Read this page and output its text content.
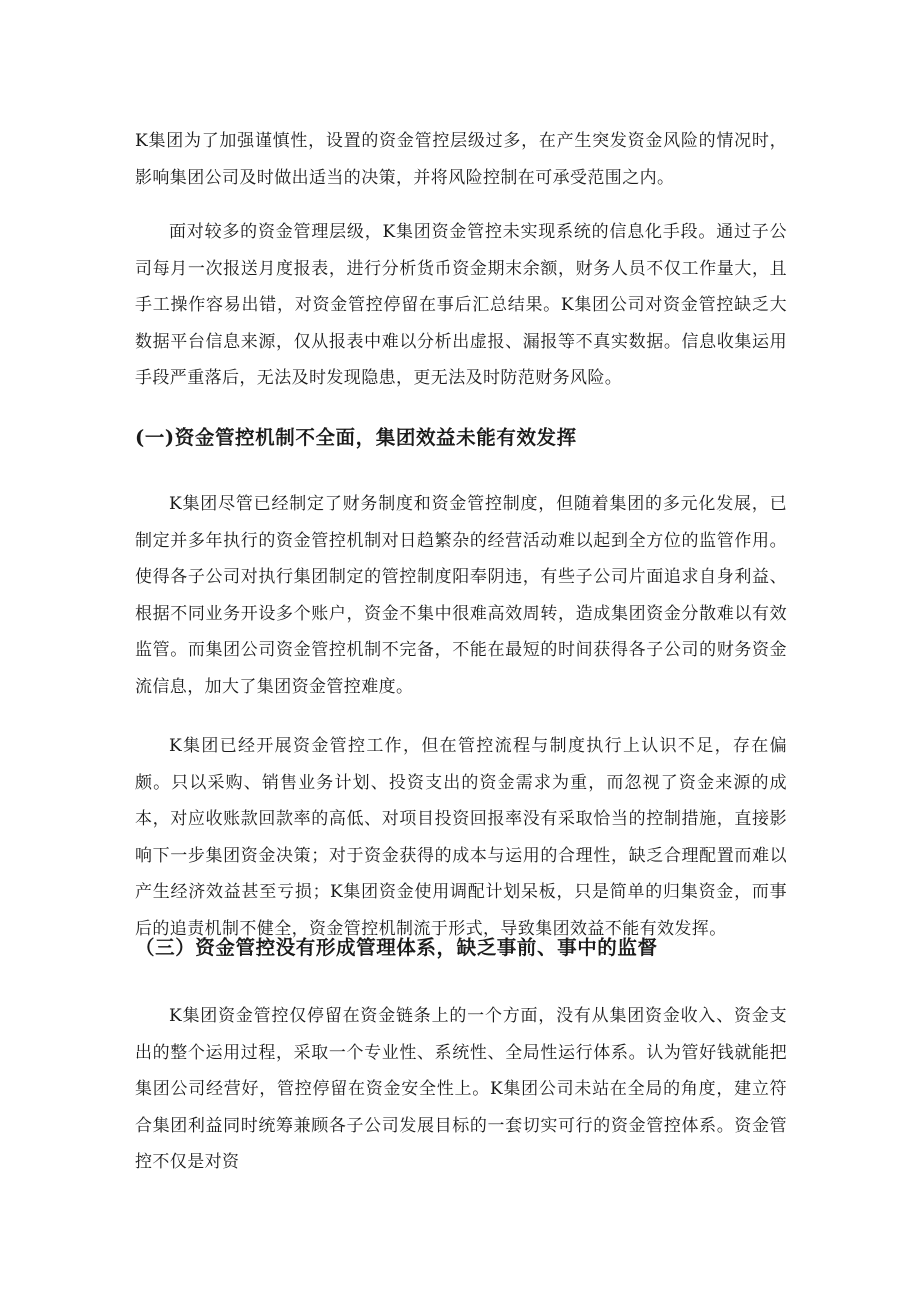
K集团为了加强谨慎性，设置的资金管控层级过多，在产生突发资金风险的情况时，影响集团公司及时做出适当的决策，并将风险控制在可承受范围之内。

面对较多的资金管理层级，K集团资金管控未实现系统的信息化手段。通过子公司每月一次报送月度报表，进行分析货币资金期末余额，财务人员不仅工作量大，且手工操作容易出错，对资金管控停留在事后汇总结果。K集团公司对资金管控缺乏大数据平台信息来源，仅从报表中难以分析出虚报、漏报等不真实数据。信息收集运用手段严重落后，无法及时发现隐患，更无法及时防范财务风险。

(一)资金管控机制不全面，集团效益未能有效发挥

K集团尽管已经制定了财务制度和资金管控制度，但随着集团的多元化发展，已制定并多年执行的资金管控机制对日趋繁杂的经营活动难以起到全方位的监管作用。使得各子公司对执行集团制定的管控制度阳奉阴违，有些子公司片面追求自身利益、根据不同业务开设多个账户，资金不集中很难高效周转，造成集团资金分散难以有效监管。而集团公司资金管控机制不完备，不能在最短的时间获得各子公司的财务资金流信息，加大了集团资金管控难度。

K集团已经开展资金管控工作，但在管控流程与制度执行上认识不足，存在偏颇。只以采购、销售业务计划、投资支出的资金需求为重，而忽视了资金来源的成本，对应收账款回款率的高低、对项目投资回报率没有采取恰当的控制措施，直接影响下一步集团资金决策；对于资金获得的成本与运用的合理性，缺乏合理配置而难以产生经济效益甚至亏损；K集团资金使用调配计划呆板，只是简单的归集资金，而事后的追责机制不健全，资金管控机制流于形式，导致集团效益不能有效发挥。

（三）资金管控没有形成管理体系，缺乏事前、事中的监督

K集团资金管控仅停留在资金链条上的一个方面，没有从集团资金收入、资金支出的整个运用过程，采取一个专业性、系统性、全局性运行体系。认为管好钱就能把集团公司经营好，管控停留在资金安全性上。K集团公司未站在全局的角度，建立符合集团利益同时统筹兼顾各子公司发展目标的一套切实可行的资金管控体系。资金管控不仅是对资
